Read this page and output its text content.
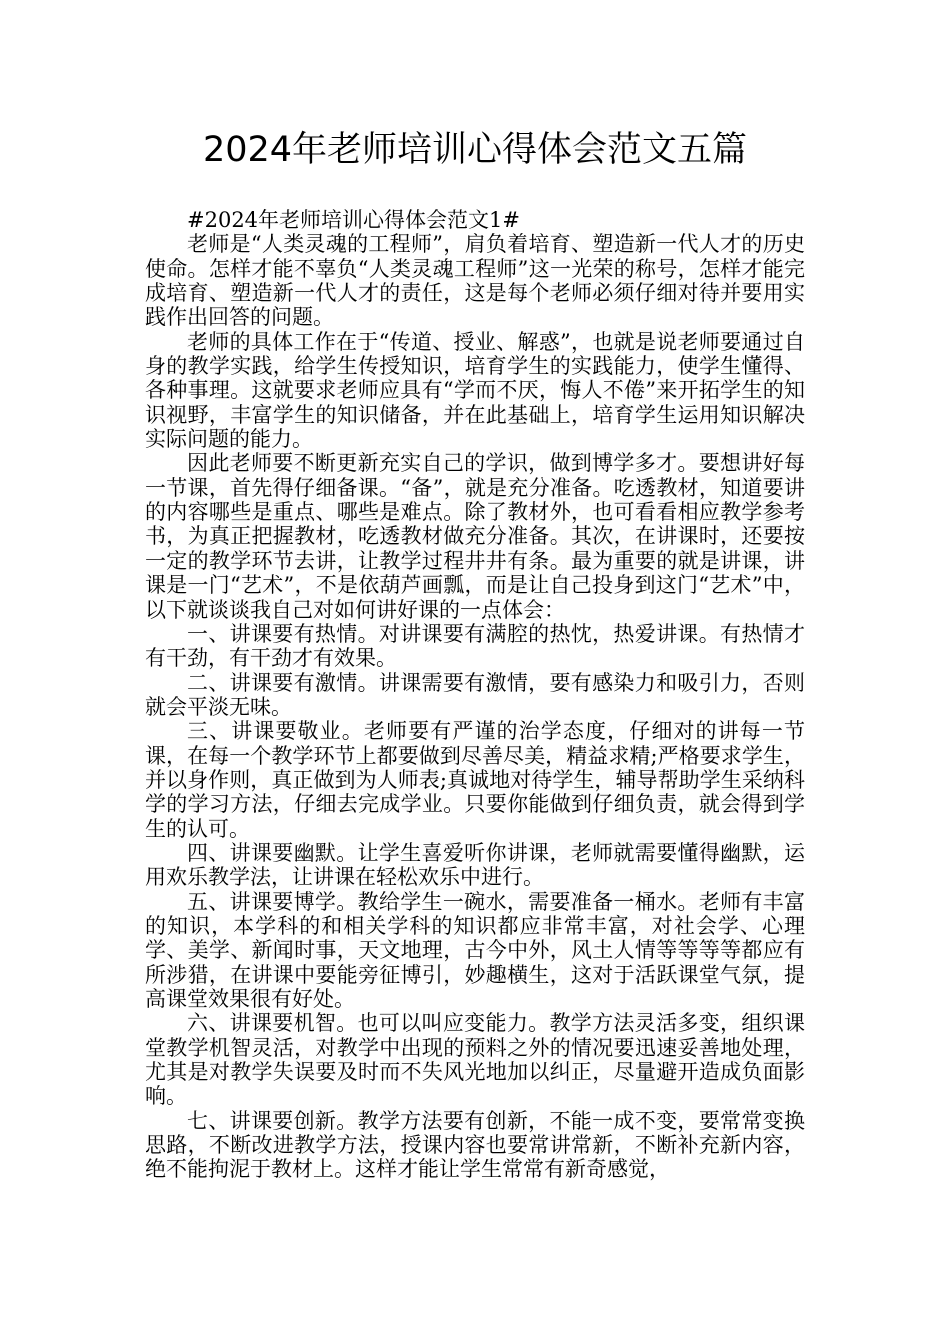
2024年老师培训心得体会范文五篇

#2024年老师培训心得体会范文1#

老师是“人类灵魂的工程师”，肩负着培育、塑造新一代人才的历史使命。怎样才能不辜负“人类灵魂工程师”这一光荣的称号，怎样才能完成培育、塑造新一代人才的责任，这是每个老师必须仔细对待并要用实践作出回答的问题。

老师的具体工作在于“传道、授业、解惑”，也就是说老师要通过自身的教学实践，给学生传授知识，培育学生的实践能力，使学生懂得、各种事理。这就要求老师应具有“学而不厌，悔人不倦”来开拓学生的知识视野，丰富学生的知识储备，并在此基础上，培育学生运用知识解决实际问题的能力。

因此老师要不断更新充实自己的学识，做到博学多才。要想讲好每一节课，首先得仔细备课。“备”，就是充分准备。吃透教材，知道要讲的内容哪些是重点、哪些是难点。除了教材外，也可看看相应教学参考书，为真正把握教材，吃透教材做充分准备。其次，在讲课时，还要按一定的教学环节去讲，让教学过程井井有条。最为重要的就是讲课，讲课是一门“艺术”，不是依葫芦画瓢，而是让自己投身到这门“艺术”中，以下就谈谈我自己对如何讲好课的一点体会：

一、讲课要有热情。对讲课要有满腔的热忱，热爱讲课。有热情才有干劲，有干劲才有效果。

二、讲课要有激情。讲课需要有激情，要有感染力和吸引力，否则就会平淡无味。

三、讲课要敬业。老师要有严谨的治学态度，仔细对的讲每一节课，在每一个教学环节上都要做到尽善尽美，精益求精;严格要求学生，并以身作则，真正做到为人师表;真诚地对待学生，辅导帮助学生采纳科学的学习方法，仔细去完成学业。只要你能做到仔细负责，就会得到学生的认可。

四、讲课要幽默。让学生喜爱听你讲课，老师就需要懂得幽默，运用欢乐教学法，让讲课在轻松欢乐中进行。

五、讲课要博学。教给学生一碗水，需要准备一桶水。老师有丰富的知识，本学科的和相关学科的知识都应非常丰富，对社会学、心理学、美学、新闻时事，天文地理，古今中外，风土人情等等等等都应有所涉猎，在讲课中要能旁征博引，妙趣横生，这对于活跃课堂气氛，提高课堂效果很有好处。

六、讲课要机智。也可以叫应变能力。教学方法灵活多变，组织课堂教学机智灵活，对教学中出现的预料之外的情况要迅速妥善地处理，尤其是对教学失误要及时而不失风光地加以纠正，尽量避开造成负面影响。

七、讲课要创新。教学方法要有创新，不能一成不变，要常常变换思路，不断改进教学方法，授课内容也要常讲常新，不断补充新内容，绝不能拘泥于教材上。这样才能让学生常常有新奇感觉，
